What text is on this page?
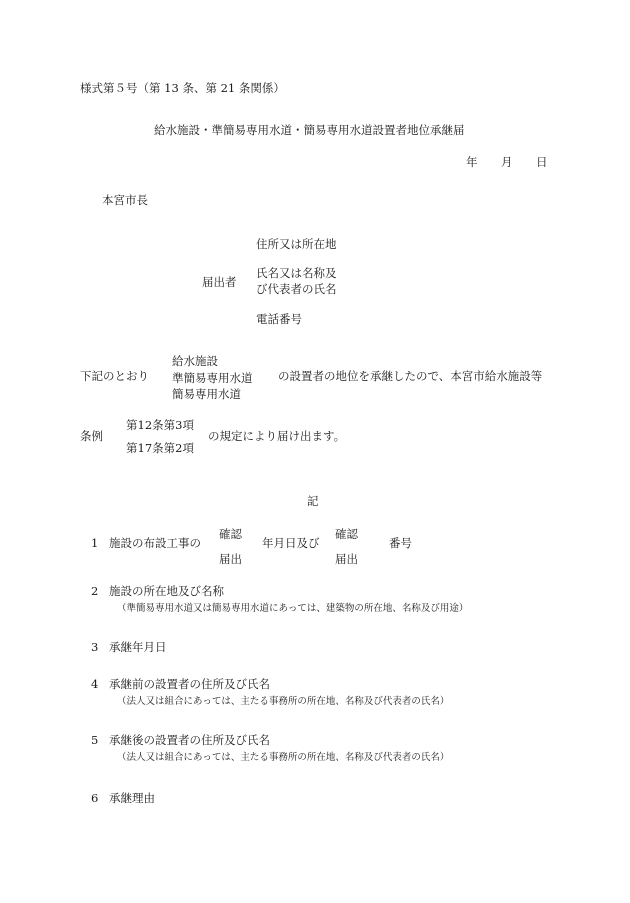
様式第５号（第 13 条、第 21 条関係）
給水施設・準簡易専用水道・簡易専用水道設置者地位承継届
年 月 日
本宮市長
届出者
住所又は所在地
氏名又は名称及
び代表者の氏名
電話番号
下記のとおり
給水施設
準簡易専用水道
簡易専用水道
の設置者の地位を承継したので、本宮市給水施設等
条例
第12条第3項
第17条第2項
の規定により届け出ます。
記
1 施設の布設工事の
確認
届出
年月日及び
確認
届出
番号
2 施設の所在地及び名称
（準簡易専用水道又は簡易専用水道にあっては、建築物の所在地、名称及び用途）
3 承継年月日
4 承継前の設置者の住所及び氏名
（法人又は組合にあっては、主たる事務所の所在地、名称及び代表者の氏名）
5 承継後の設置者の住所及び氏名
（法人又は組合にあっては、主たる事務所の所在地、名称及び代表者の氏名）
6 承継理由
